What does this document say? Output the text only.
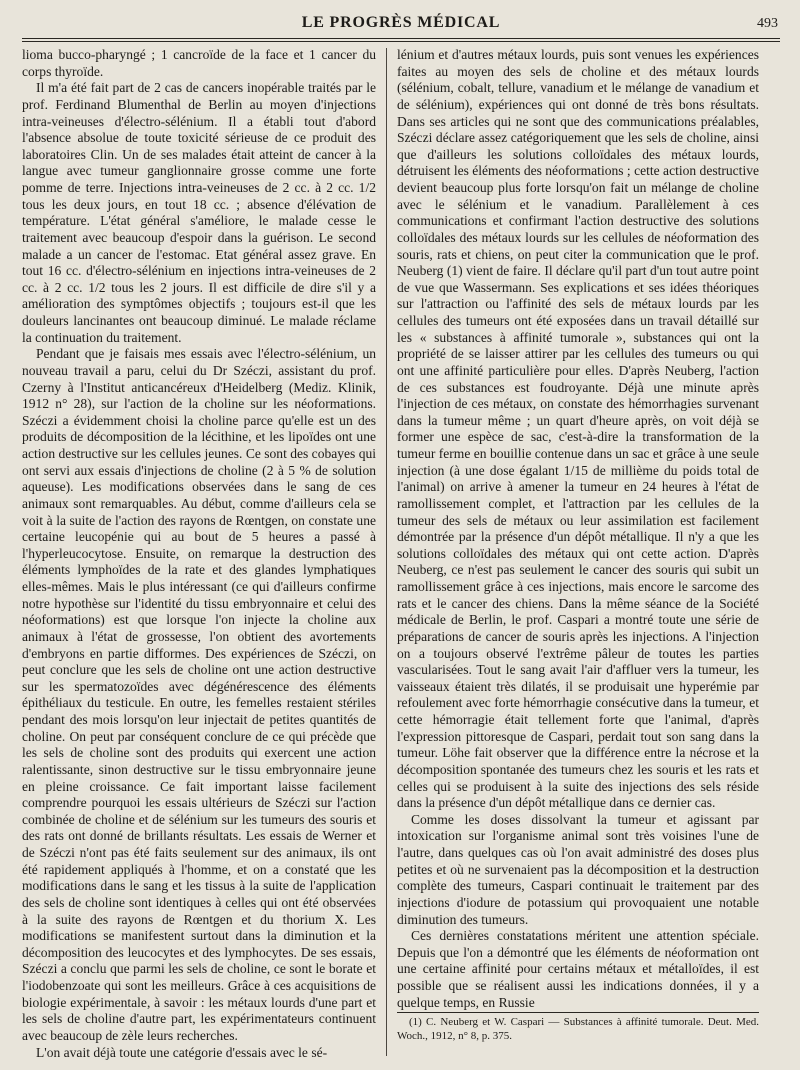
LE PROGRÈS MÉDICAL	493

lioma bucco-pharyngé ; 1 cancroïde de la face et 1 cancer du corps thyroïde.

Il m'a été fait part de 2 cas de cancers inopérable traités par le prof. Ferdinand Blumenthal de Berlin au moyen d'injections intra-veineuses d'électro-sélénium. Il a établi tout d'abord l'absence absolue de toute toxicité sérieuse de ce produit des laboratoires Clin. Un de ses malades était atteint de cancer à la langue avec tumeur ganglionnaire grosse comme une forte pomme de terre. Injections intra-veineuses de 2 cc. à 2 cc. 1/2 tous les deux jours, en tout 18 cc. ; absence d'élévation de température. L'état général s'améliore, le malade cesse le traitement avec beaucoup d'espoir dans la guérison. Le second malade a un cancer de l'estomac. Etat général assez grave. En tout 16 cc. d'électro-sélénium en injections intra-veineuses de 2 cc. à 2 cc. 1/2 tous les 2 jours. Il est difficile de dire s'il y a amélioration des symptômes objectifs ; toujours est-il que les douleurs lancinantes ont beaucoup diminué. Le malade réclame la continuation du traitement.

Pendant que je faisais mes essais avec l'électro-sélénium, un nouveau travail a paru, celui du Dr Széczi, assistant du prof. Czerny à l'Institut anticancéreux d'Heidelberg (Mediz. Klinik, 1912 n° 28), sur l'action de la choline sur les néoformations. Széczi a évidemment choisi la choline parce qu'elle est un des produits de décomposition de la lécithine, et les lipoïdes ont une action destructive sur les cellules jeunes. Ce sont des cobayes qui ont servi aux essais d'injections de choline (2 à 5 % de solution aqueuse). Les modifications observées dans le sang de ces animaux sont remarquables. Au début, comme d'ailleurs cela se voit à la suite de l'action des rayons de Rœntgen, on constate une certaine leucopénie qui au bout de 5 heures a passé à l'hyperleucocytose. Ensuite, on remarque la destruction des éléments lymphoïdes de la rate et des glandes lymphatiques elles-mêmes. Mais le plus intéressant (ce qui d'ailleurs confirme notre hypothèse sur l'identité du tissu embryonnaire et celui des néoformations) est que lorsque l'on injecte la choline aux animaux à l'état de grossesse, l'on obtient des avortements d'embryons en partie difformes. Des expériences de Széczi, on peut conclure que les sels de choline ont une action destructive sur les spermatozoïdes avec dégénérescence des éléments épithéliaux du testicule. En outre, les femelles restaient stériles pendant des mois lorsqu'on leur injectait de petites quantités de choline. On peut par conséquent conclure de ce qui précède que les sels de choline sont des produits qui exercent une action ralentissante, sinon destructive sur le tissu embryonnaire jeune en pleine croissance. Ce fait important laisse facilement comprendre pourquoi les essais ultérieurs de Széczi sur l'action combinée de choline et de sélénium sur les tumeurs des souris et des rats ont donné de brillants résultats. Les essais de Werner et de Széczi n'ont pas été faits seulement sur des animaux, ils ont été rapidement appliqués à l'homme, et on a constaté que les modifications dans le sang et les tissus à la suite de l'application des sels de choline sont identiques à celles qui ont été observées à la suite des rayons de Rœntgen et du thorium X. Les modifications se manifestent surtout dans la diminution et la décomposition des leucocytes et des lymphocytes. De ses essais, Széczi a conclu que parmi les sels de choline, ce sont le borate et l'iodobenzoate qui sont les meilleurs. Grâce à ces acquisitions de biologie expérimentale, à savoir : les métaux lourds d'une part et les sels de choline d'autre part, les expérimentateurs continuent avec beaucoup de zèle leurs recherches.

L'on avait déjà toute une catégorie d'essais avec le sé-

lénium et d'autres métaux lourds, puis sont venues les expériences faites au moyen des sels de choline et des métaux lourds (sélénium, cobalt, tellure, vanadium et le mélange de vanadium et de sélénium), expériences qui ont donné de très bons résultats. Dans ses articles qui ne sont que des communications préalables, Széczi déclare assez catégoriquement que les sels de choline, ainsi que d'ailleurs les solutions colloïdales des métaux lourds, détruisent les éléments des néoformations ; cette action destructive devient beaucoup plus forte lorsqu'on fait un mélange de choline avec le sélénium et le vanadium. Parallèlement à ces communications et confirmant l'action destructive des solutions colloïdales des métaux lourds sur les cellules de néoformation des souris, rats et chiens, on peut citer la communication que le prof. Neuberg (1) vient de faire. Il déclare qu'il part d'un tout autre point de vue que Wassermann. Ses explications et ses idées théoriques sur l'attraction ou l'affinité des sels de métaux lourds par les cellules des tumeurs ont été exposées dans un travail détaillé sur les « substances à affinité tumorale », substances qui ont la propriété de se laisser attirer par les cellules des tumeurs ou qui ont une affinité particulière pour elles. D'après Neuberg, l'action de ces substances est foudroyante. Déjà une minute après l'injection de ces métaux, on constate des hémorrhagies survenant dans la tumeur même ; un quart d'heure après, on voit déjà se former une espèce de sac, c'est-à-dire la transformation de la tumeur ferme en bouillie contenue dans un sac et grâce à une seule injection (à une dose égalant 1/15 de millième du poids total de l'animal) on arrive à amener la tumeur en 24 heures à l'état de ramollissement complet, et l'attraction par les cellules de la tumeur des sels de métaux ou leur assimilation est facilement démontrée par la présence d'un dépôt métallique. Il n'y a que les solutions colloïdales des métaux qui ont cette action. D'après Neuberg, ce n'est pas seulement le cancer des souris qui subit un ramollissement grâce à ces injections, mais encore le sarcome des rats et le cancer des chiens. Dans la même séance de la Société médicale de Berlin, le prof. Caspari a montré toute une série de préparations de cancer de souris après les injections. A l'injection on a toujours observé l'extrême pâleur de toutes les parties vascularisées. Tout le sang avait l'air d'affluer vers la tumeur, les vaisseaux étaient très dilatés, il se produisait une hyperémie par refoulement avec forte hémorrhagie consécutive dans la tumeur, et cette hémorragie était tellement forte que l'animal, d'après l'expression pittoresque de Caspari, perdait tout son sang dans la tumeur. Löhe fait observer que la différence entre la nécrose et la décomposition spontanée des tumeurs chez les souris et les rats et celles qui se produisent à la suite des injections des sels réside dans la présence d'un dépôt métallique dans ce dernier cas.

Comme les doses dissolvant la tumeur et agissant par intoxication sur l'organisme animal sont très voisines l'une de l'autre, dans quelques cas où l'on avait administré des doses plus petites et où ne survenaient pas la décomposition et la destruction complète des tumeurs, Caspari continuait le traitement par des injections d'iodure de potassium qui provoquaient une notable diminution des tumeurs.

Ces dernières constatations méritent une attention spéciale. Depuis que l'on a démontré que les éléments de néoformation ont une certaine affinité pour certains métaux et métalloïdes, il est possible que se réalisent aussi les indications données, il y a quelque temps, en Russie

(1) C. Neuberg et W. Caspari — Substances à affinité tumorale. Deut. Med. Woch., 1912, n° 8, p. 375.
